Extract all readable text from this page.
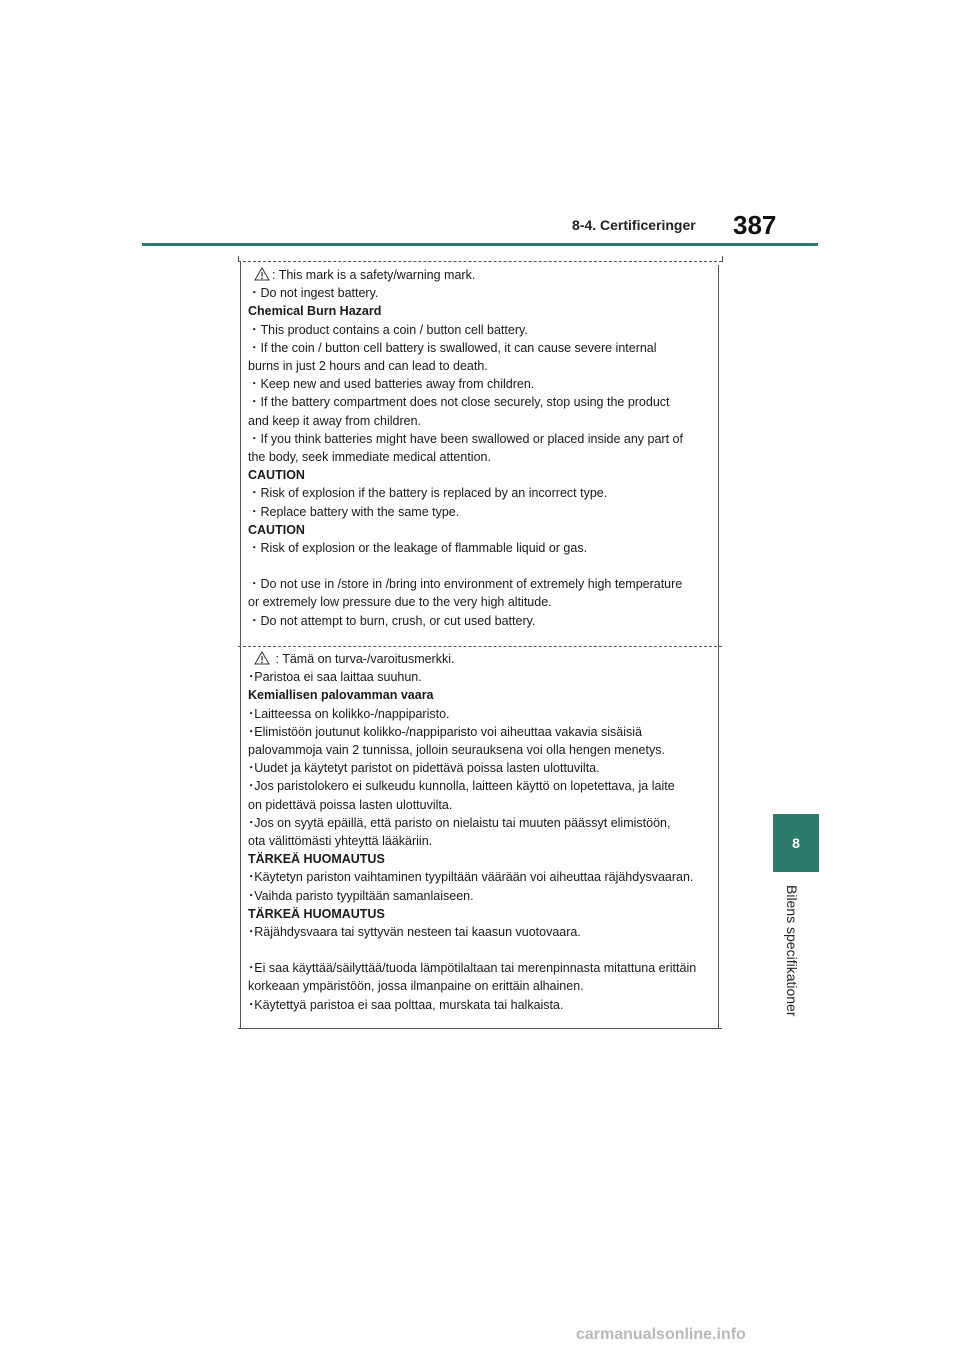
8-4. Certificeringer 387
8
Bilens specifikationer
: This mark is a safety/warning mark.
・Do not ingest battery.
Chemical Burn Hazard
・This product contains a coin / button cell battery.
・If the coin / button cell battery is swallowed, it can cause severe internal
burns in just 2 hours and can lead to death.
・Keep new and used batteries away from children.
・If the battery compartment does not close securely, stop using the product
and keep it away from children.
・If you think batteries might have been swallowed or placed inside any part of
the body, seek immediate medical attention.
CAUTION
・Risk of explosion if the battery is replaced by an incorrect type.
・Replace battery with the same type.
CAUTION
・Risk of explosion or the leakage of flammable liquid or gas.
・Do not use in /store in /bring into environment of extremely high temperature
or extremely low pressure due to the very high altitude.
・Do not attempt to burn, crush, or cut used battery.
: Tämä on turva-/varoitusmerkki.
･Paristoa ei saa laittaa suuhun.
Kemiallisen palovamman vaara
･Laitteessa on kolikko-/nappiparisto.
･Elimistöön joutunut kolikko-/nappiparisto voi aiheuttaa vakavia sisäisiä
palovammoja vain 2 tunnissa, jolloin seurauksena voi olla hengen menetys.
･Uudet ja käytetyt paristot on pidettävä poissa lasten ulottuvilta.
･Jos paristolokero ei sulkeudu kunnolla, laitteen käyttö on lopetettava, ja laite
on pidettävä poissa lasten ulottuvilta.
･Jos on syytä epäillä, että paristo on nielaistu tai muuten päässyt elimistöön,
ota välittömästi yhteyttä lääkäriin.
TÄRKEÄ HUOMAUTUS
･Käytetyn pariston vaihtaminen tyypiltään väärään voi aiheuttaa räjähdysvaaran.
･Vaihda paristo tyypiltään samanlaiseen.
TÄRKEÄ HUOMAUTUS
･Räjähdysvaara tai syttyvän nesteen tai kaasun vuotovaara.
･Ei saa käyttää/säilyttää/tuoda lämpötilaltaan tai merenpinnasta mitattuna erittäin
korkeaan ympäristöön, jossa ilmanpaine on erittäin alhainen.
･Käytettyä paristoa ei saa polttaa, murskata tai halkaista.
carmanualsonline.info
